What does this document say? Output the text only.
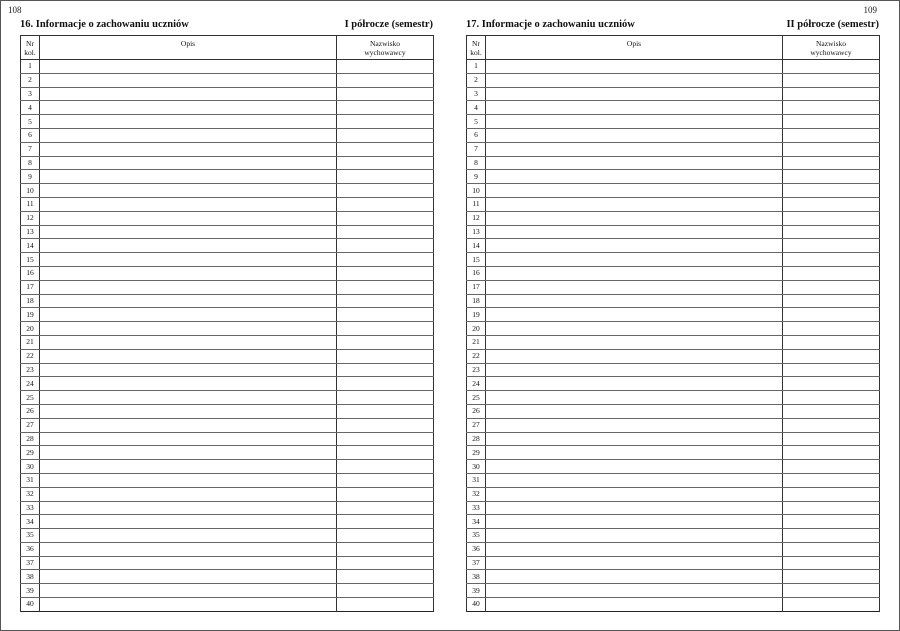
108
16. Informacje o zachowaniu uczniów	I półrocze (semestr)
Nr
kol.	Opis	Nazwisko
wychowawcy
1		
2		
3		
4		
5		
6		
7		
8		
9		
10		
11		
12		
13		
14		
15		
16		
17		
18		
19		
20		
21		
22		
23		
24		
25		
26		
27		
28		
29		
30		
31		
32		
33		
34		
35		
36		
37		
38		
39		
40		
109
17. Informacje o zachowaniu uczniów	II półrocze (semestr)
Nr
kol.	Opis	Nazwisko
wychowawcy
1		
2		
3		
4		
5		
6		
7		
8		
9		
10		
11		
12		
13		
14		
15		
16		
17		
18		
19		
20		
21		
22		
23		
24		
25		
26		
27		
28		
29		
30		
31		
32		
33		
34		
35		
36		
37		
38		
39		
40		
